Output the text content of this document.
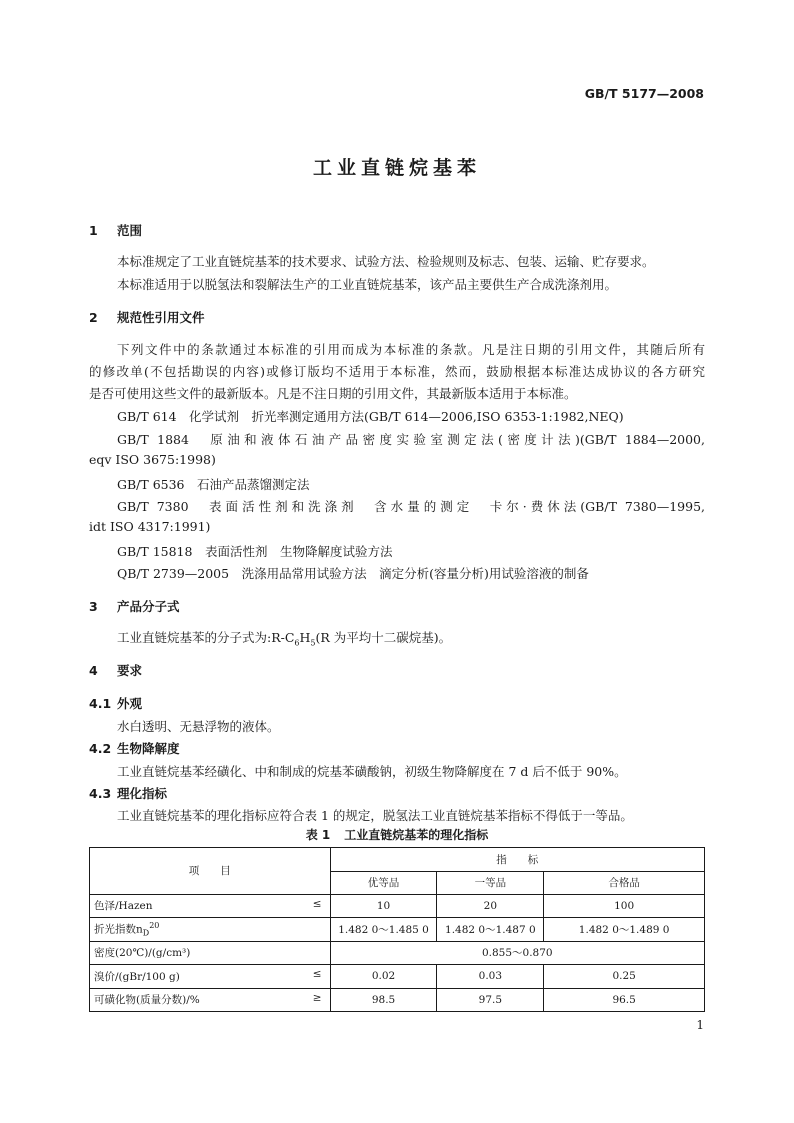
GB/T 5177—2008
工业直链烷基苯
1 范围
本标准规定了工业直链烷基苯的技术要求、试验方法、检验规则及标志、包装、运输、贮存要求。
本标准适用于以脱氢法和裂解法生产的工业直链烷基苯，该产品主要供生产合成洗涤剂用。
2 规范性引用文件
下列文件中的条款通过本标准的引用而成为本标准的条款。凡是注日期的引用文件，其随后所有
的修改单(不包括勘误的内容)或修订版均不适用于本标准，然而，鼓励根据本标准达成协议的各方研究
是否可使用这些文件的最新版本。凡是不注日期的引用文件，其最新版本适用于本标准。
GB/T 614　化学试剂　折光率测定通用方法(GB/T 614—2006,ISO 6353-1:1982,NEQ)
GB/T 1884　原油和液体石油产品密度实验室测定法(密度计法)(GB/T 1884—2000,
eqv ISO 3675:1998)
GB/T 6536　石油产品蒸馏测定法
GB/T 7380　表面活性剂和洗涤剂　含水量的测定　卡尔·费休法(GB/T 7380—1995,
idt ISO 4317:1991)
GB/T 15818　表面活性剂　生物降解度试验方法
QB/T 2739—2005　洗涤用品常用试验方法　滴定分析(容量分析)用试验溶液的制备
3 产品分子式
工业直链烷基苯的分子式为$:R-C_6H_5(R$ 为平均十二碳烷基)。
4 要求
4.1 外观
水白透明、无悬浮物的液体。
4.2 生物降解度
工业直链烷基苯经磺化、中和制成的烷基苯磺酸钠，初级生物降解度在 7 d 后不低于 90%。
4.3 理化指标
工业直链烷基苯的理化指标应符合表 1 的规定，脱氢法工业直链烷基苯指标不得低于一等品。
表 1 工业直链烷基苯的理化指标
项　　目	指　　标		
	优等品	一等品	合格品
色泽/Hazen ≤	10	20	100
折光指数$n_D^{20}$	1.482 0～1.485 0	1.482 0～1.487 0	1.482 0～1.489 0
密度(20℃)/(g/cm³)	0.855～0.870		
溴价/(gBr/100 g) ≤	0.02	0.03	0.25
可磺化物(质量分数)/% ≥	98.5	97.5	96.5
1
